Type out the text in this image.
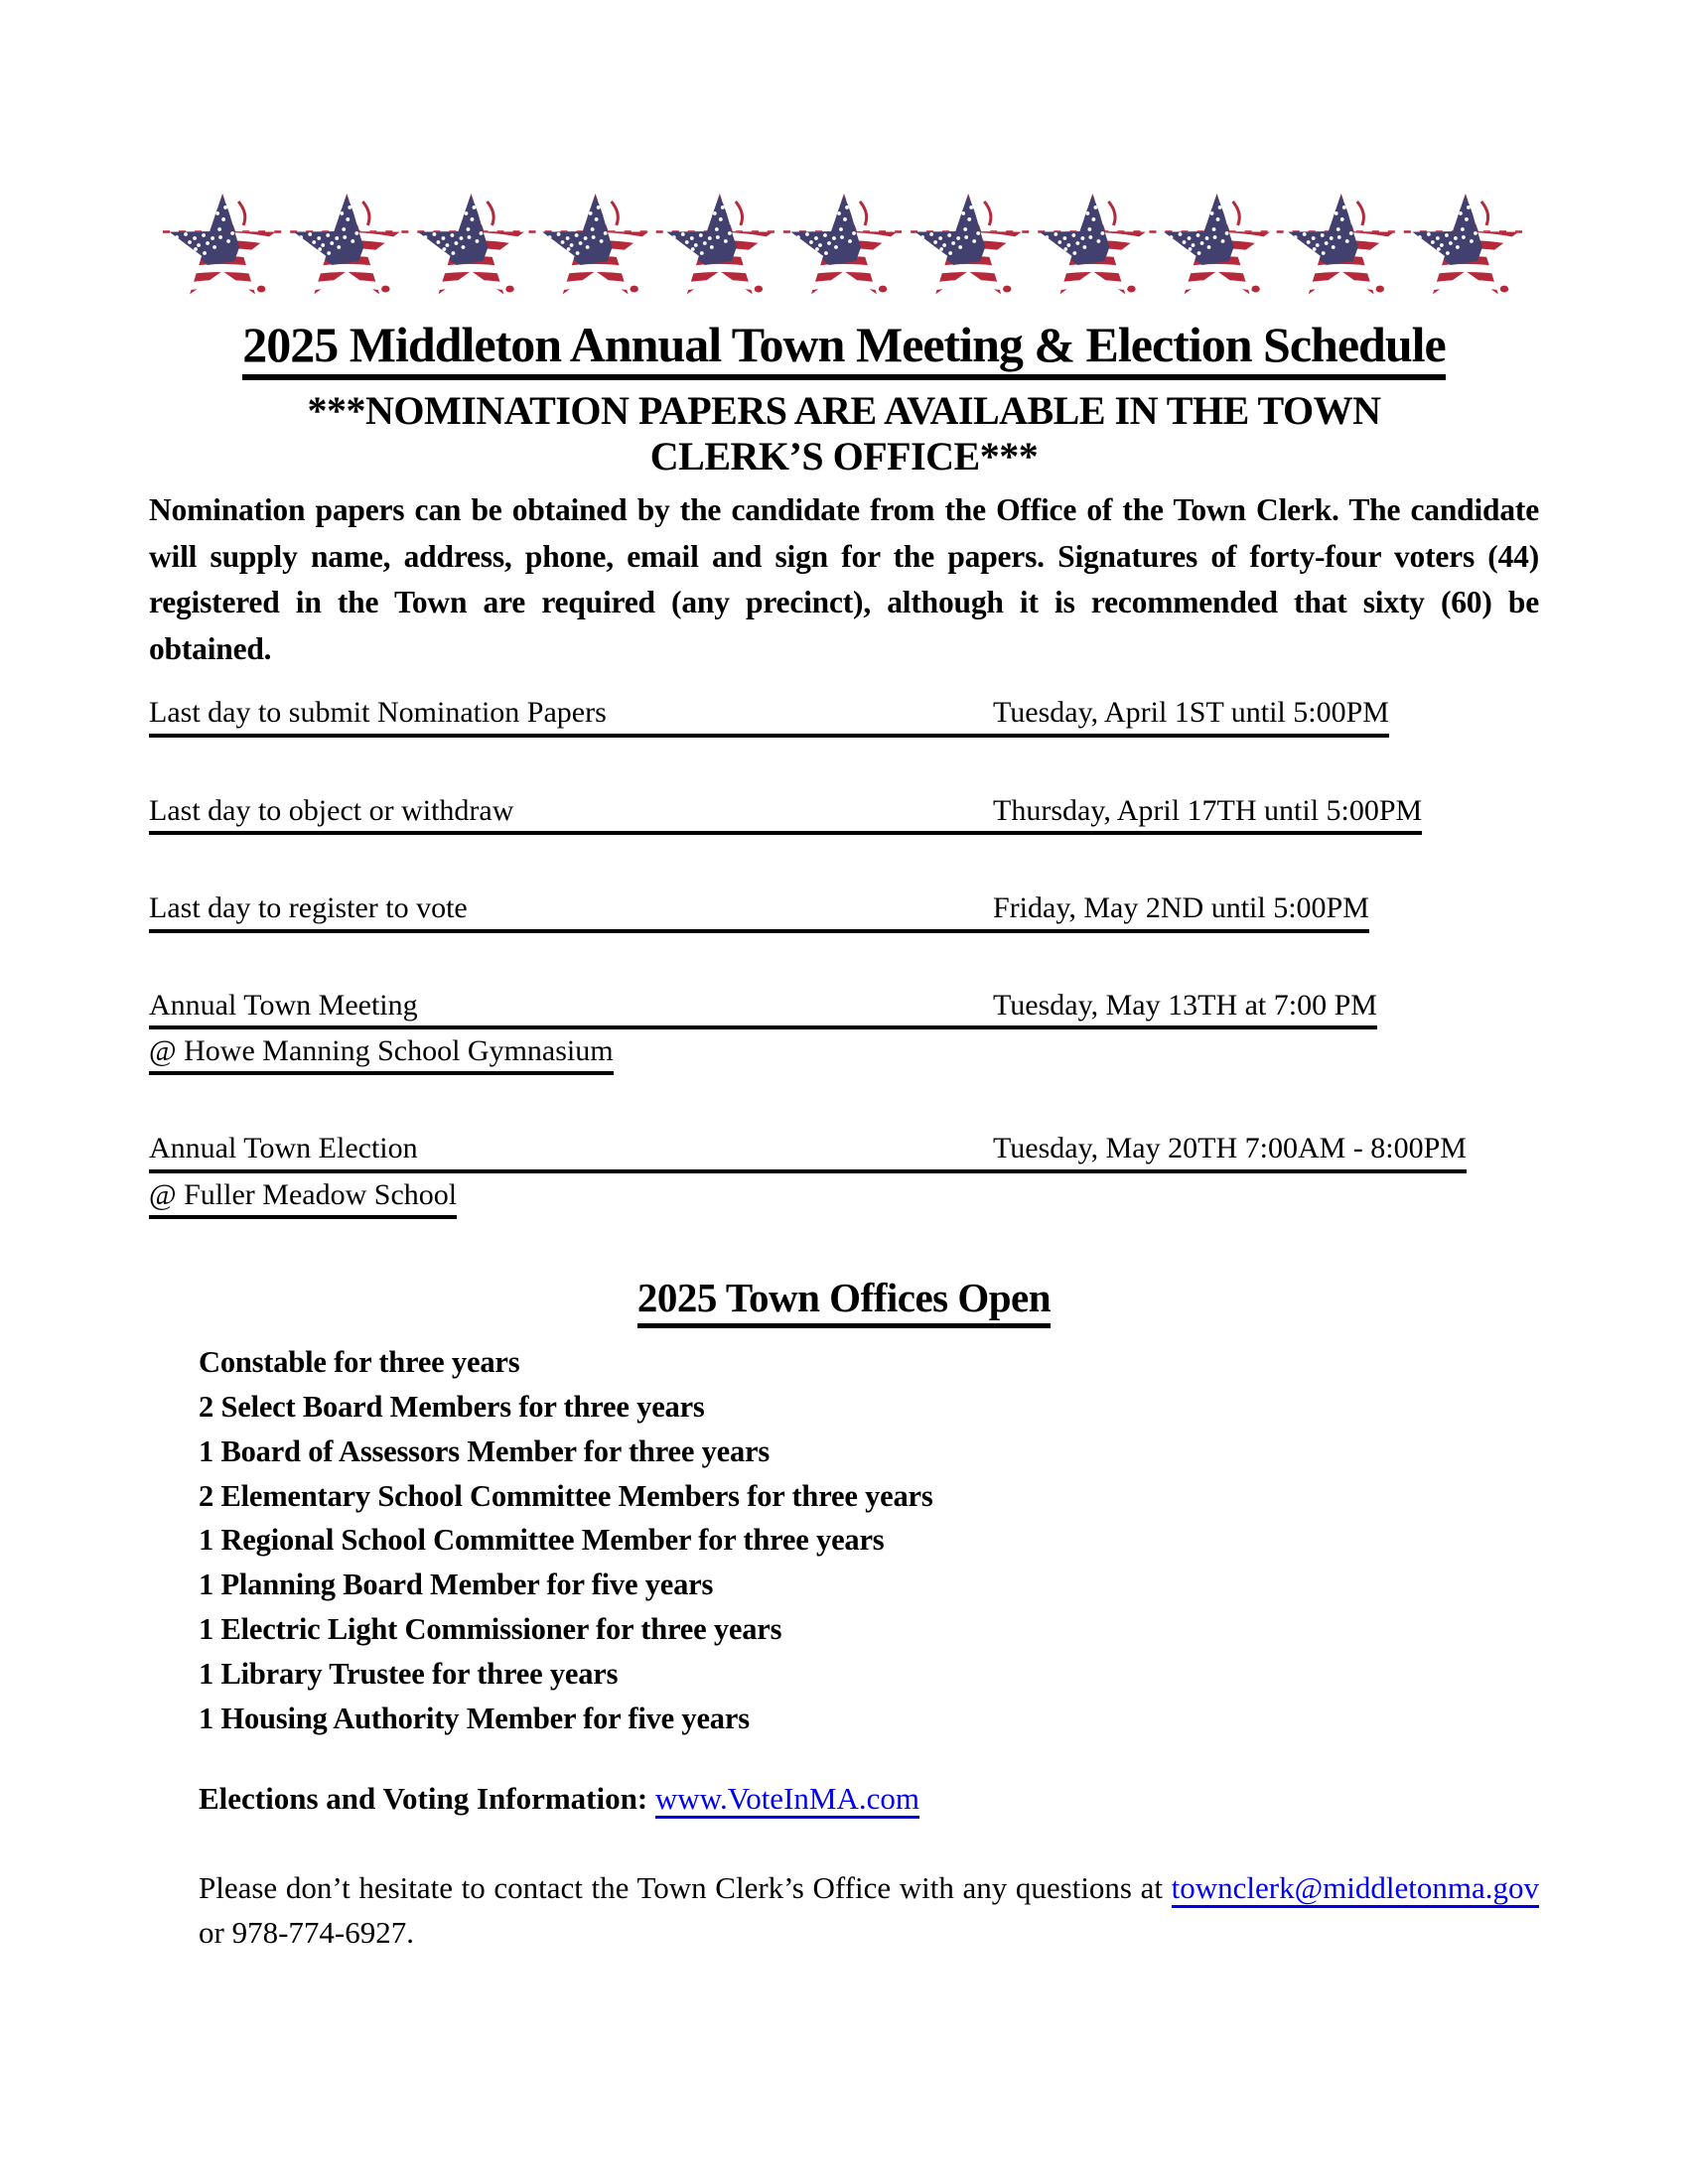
2025 Middleton Annual Town Meeting & Election Schedule
***NOMINATION PAPERS ARE AVAILABLE IN THE TOWN
CLERK’S OFFICE***

Nomination papers can be obtained by the candidate from the Office of the Town Clerk. The candidate will supply name, address, phone, email and sign for the papers. Signatures of forty-four voters (44) registered in the Town are required (any precinct), although it is recommended that sixty (60) be obtained.

Last day to submit Nomination Papers	Tuesday, April 1ST until 5:00PM
Last day to object or withdraw	Thursday, April 17TH until 5:00PM
Last day to register to vote	Friday, May 2ND until 5:00PM
Annual Town Meeting	Tuesday, May 13TH at 7:00 PM
@ Howe Manning School Gymnasium
Annual Town Election	Tuesday, May 20TH 7:00AM - 8:00PM
@ Fuller Meadow School
2025 Town Offices Open
Constable for three years
2 Select Board Members for three years
1 Board of Assessors Member for three years
2 Elementary School Committee Members for three years
1 Regional School Committee Member for three years
1 Planning Board Member for five years
1 Electric Light Commissioner for three years
1 Library Trustee for three years
1 Housing Authority Member for five years
Elections and Voting Information: www.VoteInMA.com

Please don’t hesitate to contact the Town Clerk’s Office with any questions at townclerk@middletonma.gov or 978-774-6927.
